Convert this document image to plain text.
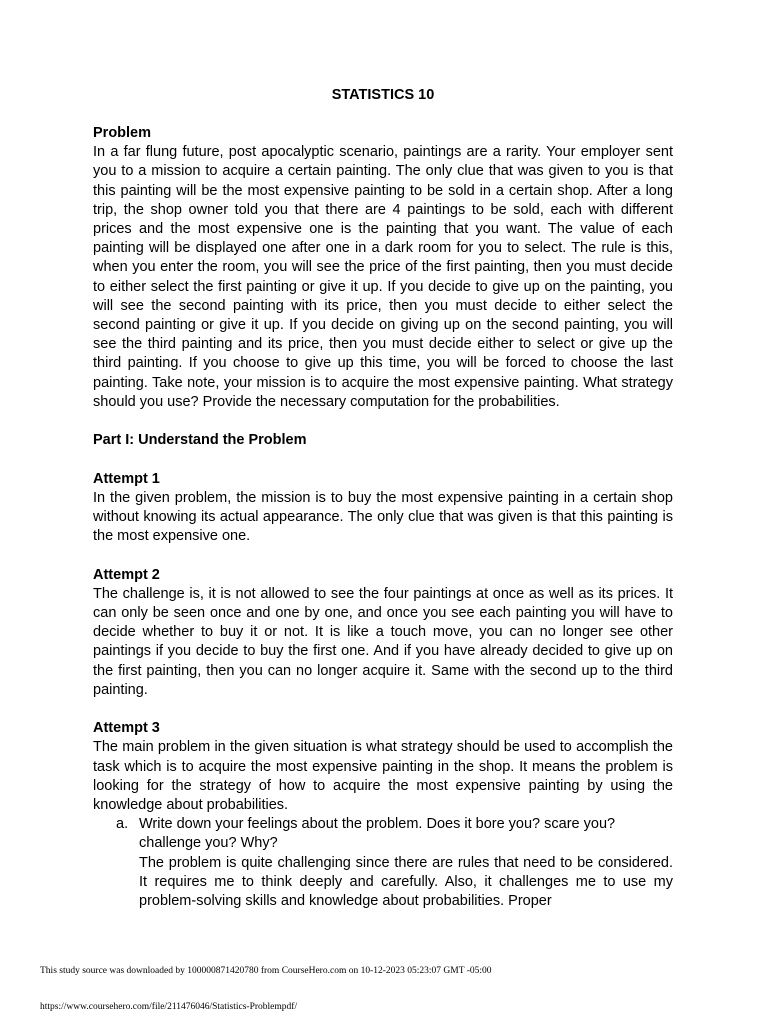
STATISTICS 10

Problem

In a far flung future, post apocalyptic scenario, paintings are a rarity. Your employer sent you to a mission to acquire a certain painting. The only clue that was given to you is that this painting will be the most expensive painting to be sold in a certain shop. After a long trip, the shop owner told you that there are 4 paintings to be sold, each with different prices and the most expensive one is the painting that you want. The value of each painting will be displayed one after one in a dark room for you to select. The rule is this, when you enter the room, you will see the price of the first painting, then you must decide to either select the first painting or give it up. If you decide to give up on the painting, you will see the second painting with its price, then you must decide to either select the second painting or give it up. If you decide on giving up on the second painting, you will see the third painting and its price, then you must decide either to select or give up the third painting. If you choose to give up this time, you will be forced to choose the last painting. Take note, your mission is to acquire the most expensive painting. What strategy should you use? Provide the necessary computation for the probabilities.

Part I: Understand the Problem

Attempt 1

In the given problem, the mission is to buy the most expensive painting in a certain shop without knowing its actual appearance. The only clue that was given is that this painting is the most expensive one.

Attempt 2

The challenge is, it is not allowed to see the four paintings at once as well as its prices. It can only be seen once and one by one, and once you see each painting you will have to decide whether to buy it or not. It is like a touch move, you can no longer see other paintings if you decide to buy the first one. And if you have already decided to give up on the first painting, then you can no longer acquire it. Same with the second up to the third painting.

Attempt 3

The main problem in the given situation is what strategy should be used to accomplish the task which is to acquire the most expensive painting in the shop. It means the problem is looking for the strategy of how to acquire the most expensive painting by using the knowledge about probabilities.

a. Write down your feelings about the problem. Does it bore you? scare you? challenge you? Why?
The problem is quite challenging since there are rules that need to be considered. It requires me to think deeply and carefully. Also, it challenges me to use my problem-solving skills and knowledge about probabilities. Proper
This study source was downloaded by 100000871420780 from CourseHero.com on 10-12-2023 05:23:07 GMT -05:00
https://www.coursehero.com/file/211476046/Statistics-Problempdf/
